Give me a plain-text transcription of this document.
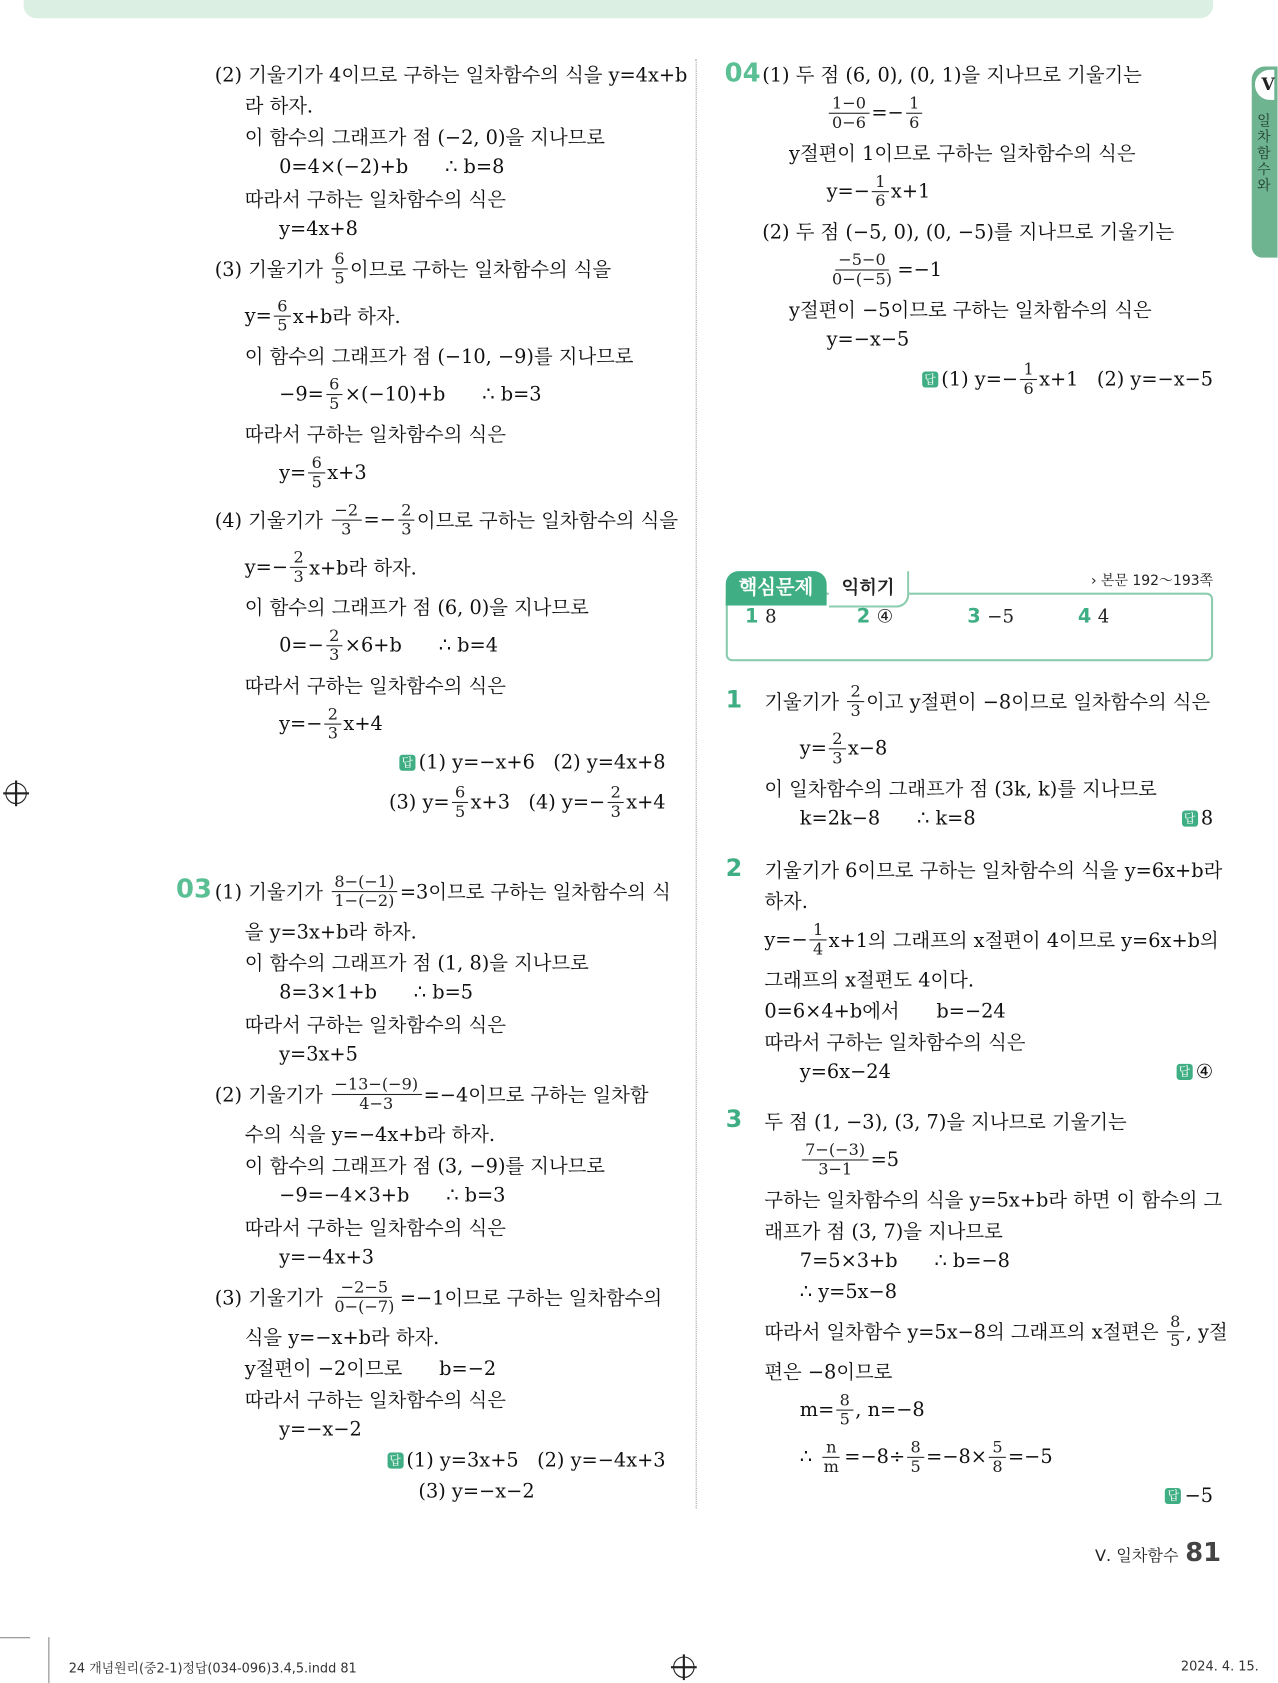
V
일차함수와
(2) 기울기가 4이므로 구하는 일차함수의 식을 y=4x+b
라 하자.
이 함수의 그래프가 점 (−2, 0)을 지나므로
0=4×(−2)+b      ∴ b=8
따라서 구하는 일차함수의 식은
y=4x+8
(3) 기울기가 $\frac{6}{5}$ 이므로 구하는 일차함수의 식을
$y= \frac{6}{5} x+b$라 하자.
이 함수의 그래프가 점 (−10, −9)를 지나므로
$-9= \frac{6}{5} \times(-10)+b$      ∴ b=3
따라서 구하는 일차함수의 식은
$y= \frac{6}{5} x+3$
(4) 기울기가 $\frac{-2}{3} =- \frac{2}{3}$ 이므로 구하는 일차함수의 식을
$y=- \frac{2}{3} x+b$라 하자.
이 함수의 그래프가 점 (6, 0)을 지나므로
$0=- \frac{2}{3} \times 6+b$      ∴ b=4
따라서 구하는 일차함수의 식은
$y=- \frac{2}{3} x+4$
답 (1) y=−x+6   (2) y=4x+8
(3) $y= \frac{6}{5} x+3$   (4) $y=- \frac{2}{3} x+4$
03 (1) 기울기가 $\frac{8-(-1)}{1-(-2)} =3$이므로 구하는 일차함수의 식
을 y=3x+b라 하자.
이 함수의 그래프가 점 (1, 8)을 지나므로
8=3×1+b      ∴ b=5
따라서 구하는 일차함수의 식은
y=3x+5
(2) 기울기가 $\frac{-13-(-9)}{4-3} =-4$이므로 구하는 일차함
수의 식을 y=−4x+b라 하자.
이 함수의 그래프가 점 (3, −9)를 지나므로
−9=−4×3+b      ∴ b=3
따라서 구하는 일차함수의 식은
y=−4x+3
(3) 기울기가 $\frac{-2-5}{0-(-7)} =-1$이므로 구하는 일차함수의
식을 y=−x+b라 하자.
y절편이 −2이므로      b=−2
따라서 구하는 일차함수의 식은
y=−x−2
답 (1) y=3x+5   (2) y=−4x+3
(3) y=−x−2
04 (1) 두 점 (6, 0), (0, 1)을 지나므로 기울기는
$\frac{1-0}{0-6} =- \frac{1}{6}$
y절편이 1이므로 구하는 일차함수의 식은
$y=- \frac{1}{6} x+1$
(2) 두 점 (−5, 0), (0, −5)를 지나므로 기울기는
$\frac{-5-0}{0-(-5)} =-1$
y절편이 −5이므로 구하는 일차함수의 식은
y=−x−5
답 (1) $y=- \frac{1}{6} x+1$   (2) y=−x−5
핵심문제	익히기	› 본문 192～193쪽
1 8	2 ④	3 −5	4 4
1 기울기가 $\frac{2}{3}$ 이고 y절편이 −8이므로 일차함수의 식은
$y= \frac{2}{3} x-8$
이 일차함수의 그래프가 점 (3k, k)를 지나므로
k=2k−8      ∴ k=8	답 8
2 기울기가 6이므로 구하는 일차함수의 식을 y=6x+b라
하자.
$y=- \frac{1}{4} x+1$의 그래프의 x절편이 4이므로 y=6x+b의
그래프의 x절편도 4이다.
0=6×4+b에서      b=−24
따라서 구하는 일차함수의 식은
y=6x−24	답 ④
3 두 점 (1, −3), (3, 7)을 지나므로 기울기는
$\frac{7-(-3)}{3-1} =5$
구하는 일차함수의 식을 y=5x+b라 하면 이 함수의 그
래프가 점 (3, 7)을 지나므로
7=5×3+b      ∴ b=−8
∴ y=5x−8
따라서 일차함수 y=5x−8의 그래프의 x절편은 $\frac{8}{5}$ , y절
편은 −8이므로
$m= \frac{8}{5}$ , n=−8
∴ $\frac{n}{m} =-8\div \frac{8}{5} =-8\times \frac{5}{8} =-5$
답 −5
Ⅴ. 일차함수 81
24 개념원리(중2-1)정답(034-096)3.4,5.indd 81	2024. 4. 15.
